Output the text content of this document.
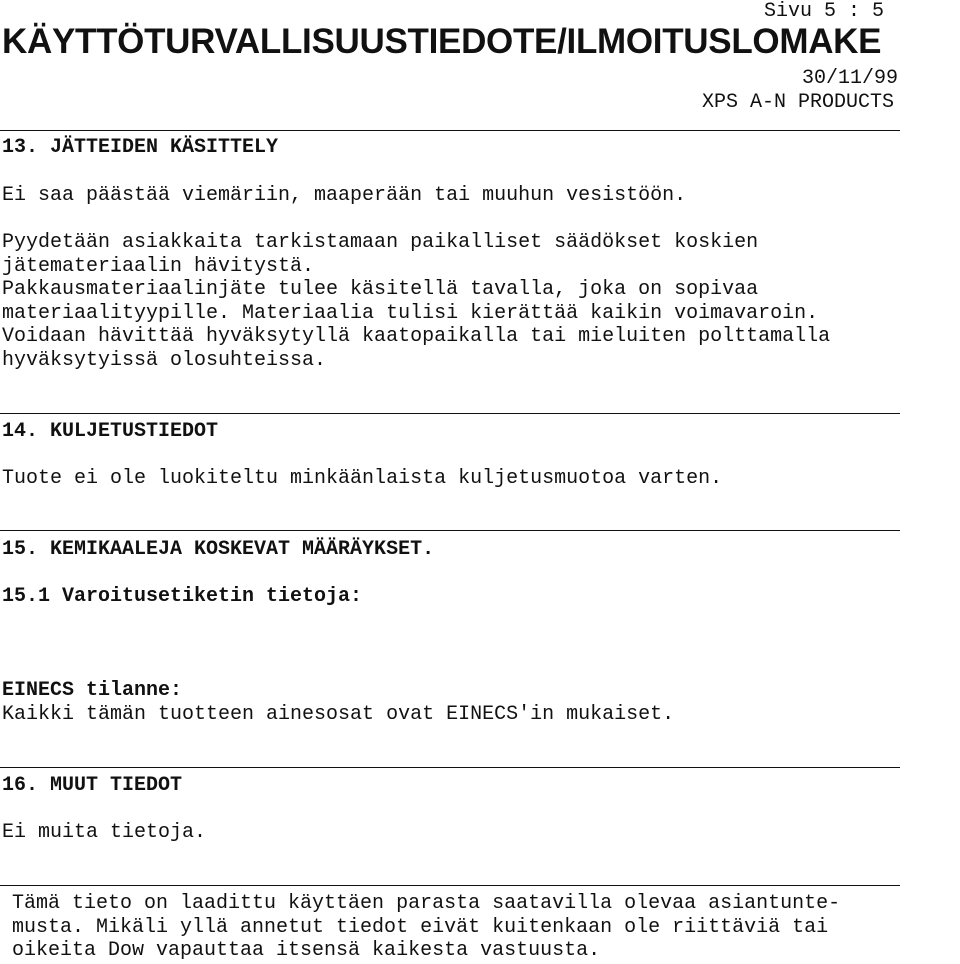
Sivu 5 : 5
KÄYTTÖTURVALLISUUSTIEDOTE/ILMOITUSLOMAKE
30/11/99
XPS A-N PRODUCTS
13. JÄTTEIDEN KÄSITTELY
Ei saa päästää viemäriin, maaperään tai muuhun vesistöön.
Pyydetään asiakkaita tarkistamaan paikalliset säädökset koskien
jätemateriaalin hävitystä.
Pakkausmateriaalinjäte tulee käsitellä tavalla, joka on sopivaa
materiaalityypille. Materiaalia tulisi kierättää kaikin voimavaroin.
Voidaan hävittää hyväksytyllä kaatopaikalla tai mieluiten polttamalla
hyväksytyissä olosuhteissa.
14. KULJETUSTIEDOT
Tuote ei ole luokiteltu minkäänlaista kuljetusmuotoa varten.
15. KEMIKAALEJA KOSKEVAT MÄÄRÄYKSET.
15.1 Varoitusetiketin tietoja:
EINECS tilanne:
Kaikki tämän tuotteen ainesosat ovat EINECS'in mukaiset.
16. MUUT TIEDOT
Ei muita tietoja.
Tämä tieto on laadittu käyttäen parasta saatavilla olevaa asiantunte-
musta. Mikäli yllä annetut tiedot eivät kuitenkaan ole riittäviä tai
oikeita Dow vapauttaa itsensä kaikesta vastuusta.
